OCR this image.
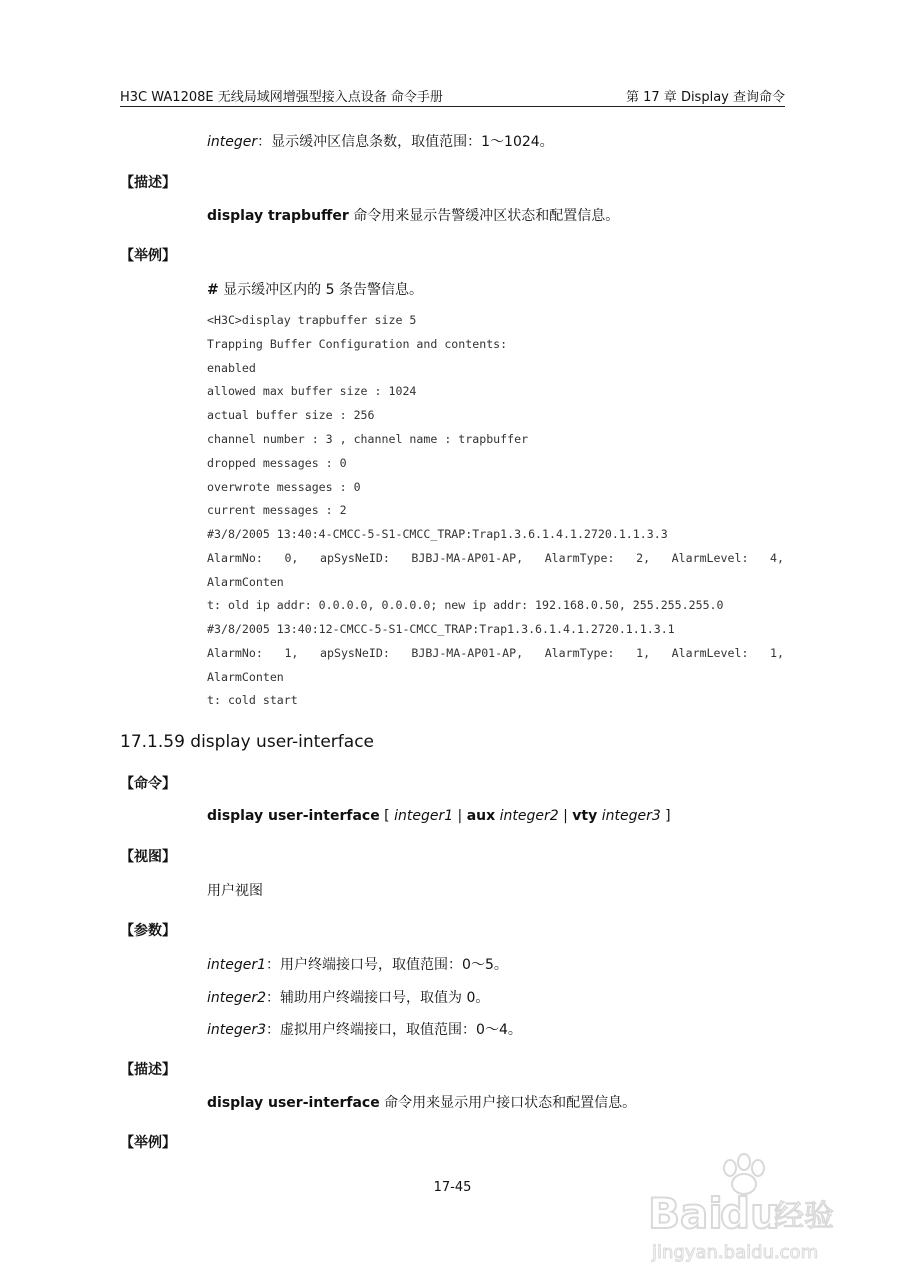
H3C WA1208E 无线局域网增强型接入点设备 命令手册	第 17 章 Display 查询命令
integer：显示缓冲区信息条数，取值范围：1～1024。
【描述】
display trapbuffer 命令用来显示告警缓冲区状态和配置信息。
【举例】
# 显示缓冲区内的 5 条告警信息。
<H3C>display trapbuffer size 5
Trapping Buffer Configuration and contents:
enabled
allowed max buffer size : 1024
actual buffer size : 256
channel number : 3 , channel name : trapbuffer
dropped messages : 0
overwrote messages : 0
current messages : 2
#3/8/2005 13:40:4-CMCC-5-S1-CMCC_TRAP:Trap1.3.6.1.4.1.2720.1.1.3.3
AlarmNo: 0, apSysNeID: BJBJ-MA-AP01-AP, AlarmType: 2, AlarmLevel: 4,
AlarmConten
t: old ip addr: 0.0.0.0, 0.0.0.0; new ip addr: 192.168.0.50, 255.255.255.0
#3/8/2005 13:40:12-CMCC-5-S1-CMCC_TRAP:Trap1.3.6.1.4.1.2720.1.1.3.1
AlarmNo: 1, apSysNeID: BJBJ-MA-AP01-AP, AlarmType: 1, AlarmLevel: 1,
AlarmConten
t: cold start
17.1.59 display user-interface
【命令】
display user-interface [ integer1 | aux integer2 | vty integer3 ]
【视图】
用户视图
【参数】
integer1：用户终端接口号，取值范围：0～5。
integer2：辅助用户终端接口号，取值为 0。
integer3：虚拟用户终端接口，取值范围：0～4。
【描述】
display user-interface 命令用来显示用户接口状态和配置信息。
【举例】
17-45
Bai
du
经验
jingyan.baidu.com
